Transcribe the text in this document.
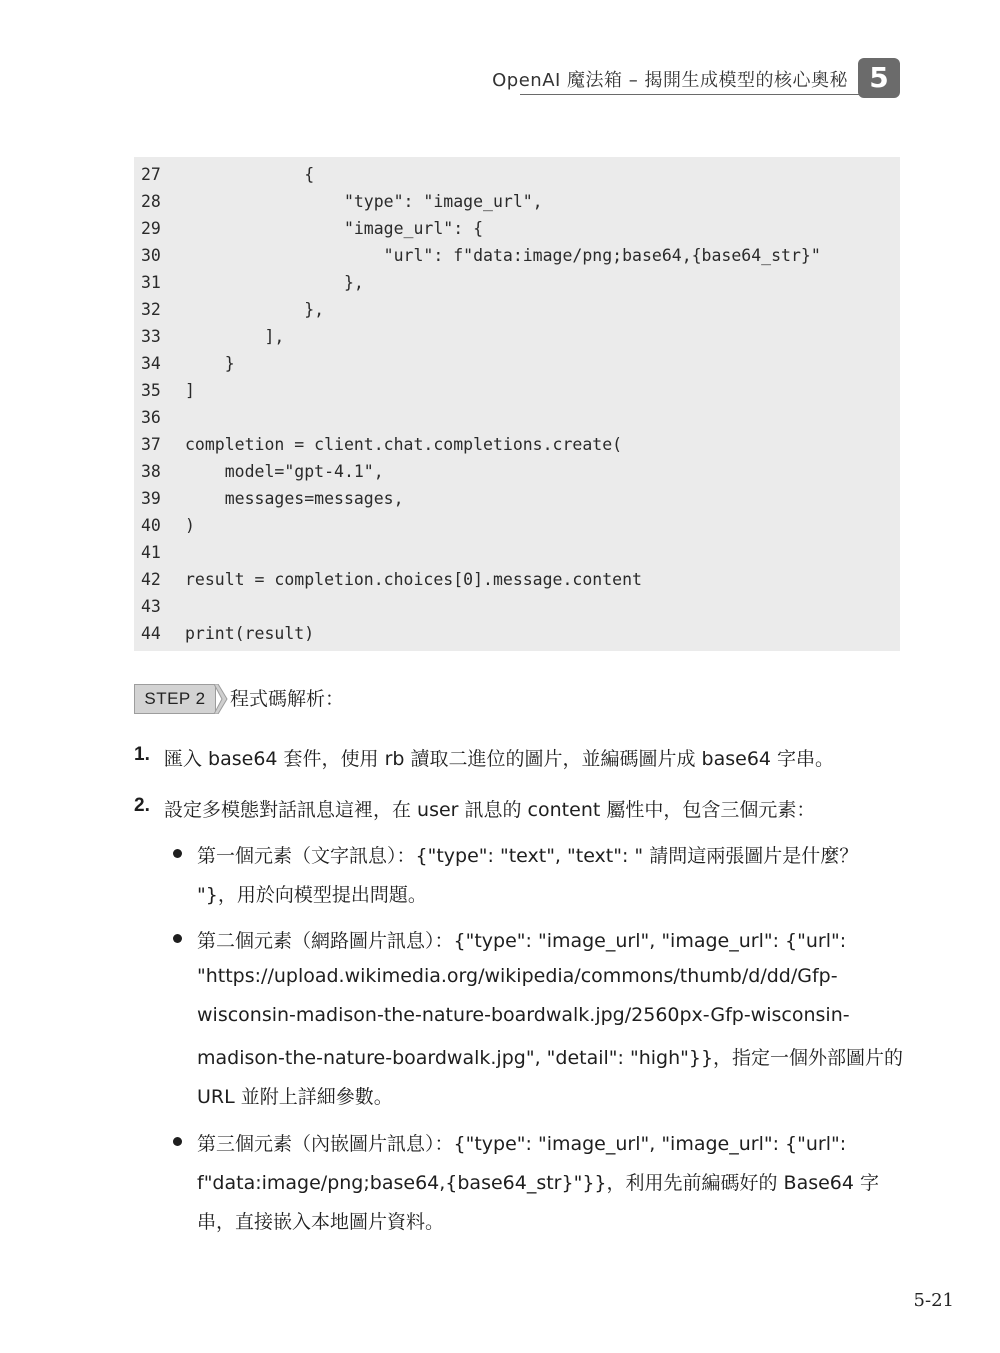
OpenAI 魔法箱 – 揭開生成模型的核心奧秘 5
27	{
28	"type": "image_url",
29	"image_url": {
30	"url": f"data:image/png;base64,{base64_str}"
31	},
32	},
33	],
34	}
35	]
36
37	completion = client.chat.completions.create(
38	model="gpt-4.1",
39	messages=messages,
40	)
41
42	result = completion.choices[0].message.content
43
44	print(result)
STEP 2	程式碼解析：
1. 匯入 base64 套件，使用 rb 讀取二進位的圖片，並編碼圖片成 base64 字串。
2. 設定多模態對話訊息這裡，在 user 訊息的 content 屬性中，包含三個元素：
第一個元素（文字訊息）：{"type": "text", "text": " 請問這兩張圖片是什麼？
"}，用於向模型提出問題。
第二個元素（網路圖片訊息）：{"type": "image_url", "image_url": {"url":
"https://upload.wikimedia.org/wikipedia/commons/thumb/d/dd/Gfp-
wisconsin-madison-the-nature-boardwalk.jpg/2560px-Gfp-wisconsin-
madison-the-nature-boardwalk.jpg", "detail": "high"}}，指定一個外部圖片的
URL 並附上詳細參數。
第三個元素（內嵌圖片訊息）：{"type": "image_url", "image_url": {"url":
f"data:image/png;base64,{base64_str}"}}，利用先前編碼好的 Base64 字
串，直接嵌入本地圖片資料。
5-21
